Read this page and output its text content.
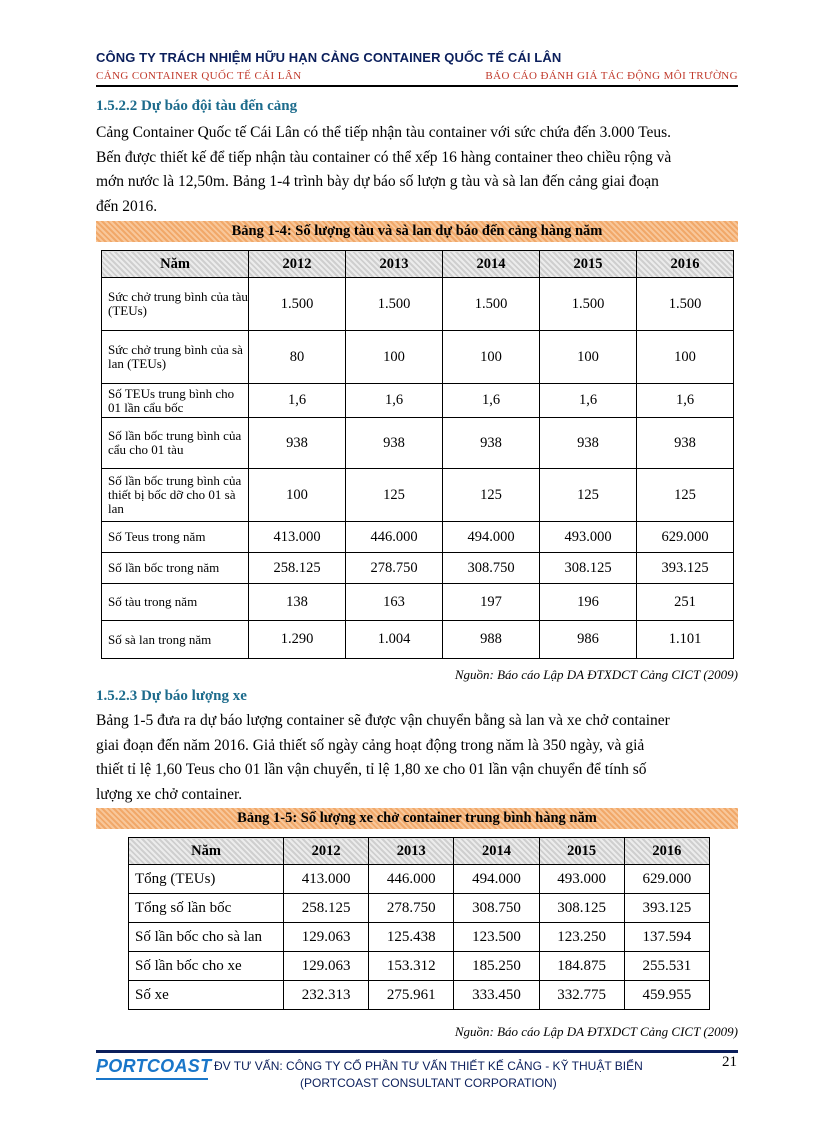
CÔNG TY TRÁCH NHIỆM HỮU HẠN CẢNG CONTAINER QUỐC TẾ CÁI LÂN
CẢNG CONTAINER QUỐC TẾ CÁI LÂN	BÁO CÁO ĐÁNH GIÁ TÁC ĐỘNG MÔI TRƯỜNG
1.5.2.2 Dự báo đội tàu đến cảng

Cảng Container Quốc tế Cái Lân có thể tiếp nhận tàu container với sức chứa đến 3.000 Teus.

Bến được thiết kế để tiếp nhận tàu container có thể xếp 16 hàng container theo chiều rộng và

mớn nước là 12,50m. Bảng 1-4 trình bày dự báo số lượn g tàu và sà lan đến cảng giai đoạn

đến 2016.

Bảng 1-4: Số lượng tàu và sà lan dự báo đến cảng hàng năm
Năm	2012	2013	2014	2015	2016
Sức chở trung bình của tàu (TEUs)	1.500	1.500	1.500	1.500	1.500
Sức chở trung bình của sà lan (TEUs)	80	100	100	100	100
Số TEUs trung bình cho 01 lần cẩu bốc	1,6	1,6	1,6	1,6	1,6
Số lần bốc trung bình của cẩu cho 01 tàu	938	938	938	938	938
Số lần bốc trung bình của thiết bị bốc dỡ cho 01 sà lan	100	125	125	125	125
Số Teus trong năm	413.000	446.000	494.000	493.000	629.000
Số lần bốc trong năm	258.125	278.750	308.750	308.125	393.125
Số tàu trong năm	138	163	197	196	251
Số sà lan trong năm	1.290	1.004	988	986	1.101
Nguồn: Báo cáo Lập DA ĐTXDCT Cảng CICT (2009)
1.5.2.3 Dự báo lượng xe

Bảng 1-5 đưa ra dự báo lượng container sẽ được vận chuyển bằng sà lan và xe chở container

giai đoạn đến năm 2016. Giả thiết số ngày cảng hoạt động trong năm là 350 ngày, và giả

thiết tỉ lệ 1,60 Teus cho 01 lần vận chuyển, tỉ lệ 1,80 xe cho 01 lần vận chuyển để tính số

lượng xe chở container.

Bảng 1-5: Số lượng xe chở container trung bình hàng năm
Năm	2012	2013	2014	2015	2016
Tổng (TEUs)	413.000	446.000	494.000	493.000	629.000
Tổng số lần bốc	258.125	278.750	308.750	308.125	393.125
Số lần bốc cho sà lan	129.063	125.438	123.500	123.250	137.594
Số lần bốc cho xe	129.063	153.312	185.250	184.875	255.531
Số xe	232.313	275.961	333.450	332.775	459.955
Nguồn: Báo cáo Lập DA ĐTXDCT Cảng CICT (2009)
PORTCOAST ĐV TƯ VẤN: CÔNG TY CỔ PHẦN TƯ VẤN THIẾT KẾ CẢNG - KỸ THUẬT BIỂN
(PORTCOAST CONSULTANT CORPORATION)
21
